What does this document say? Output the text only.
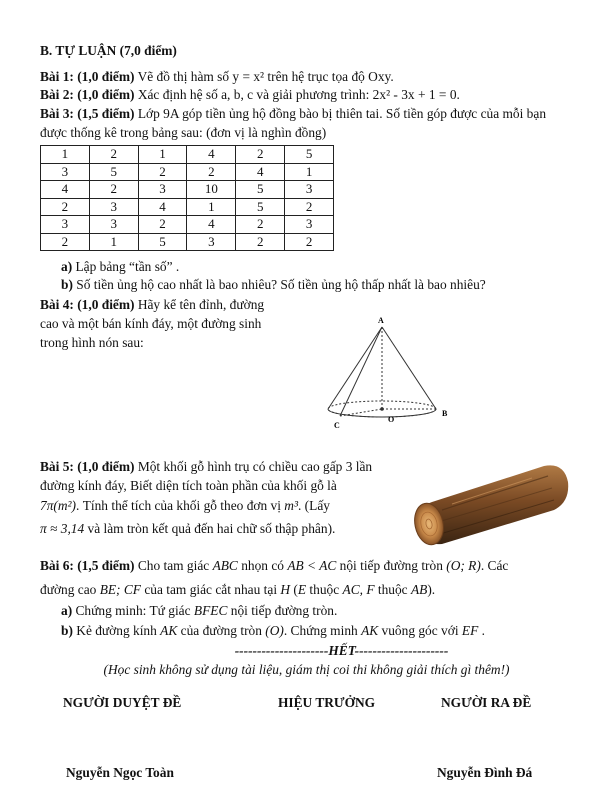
B. TỰ LUẬN (7,0 điểm)
Bài 1: (1,0 điểm) Vẽ đồ thị hàm số y = x² trên hệ trục tọa độ Oxy.
Bài 2: (1,0 điểm) Xác định hệ số a, b, c và giải phương trình: 2x² - 3x + 1 = 0.
Bài 3: (1,5 điểm) Lớp 9A góp tiền ủng hộ đồng bào bị thiên tai. Số tiền góp được của mỗi bạn
được thống kê trong bảng sau: (đơn vị là nghìn đồng)
1	2	1	4	2	5
3	5	2	2	4	1
4	2	3	10	5	3
2	3	4	1	5	2
3	3	2	4	2	3
2	1	5	3	2	2
a) Lập bảng “tần số” .
b) Số tiền ủng hộ cao nhất là bao nhiêu? Số tiền ủng hộ thấp nhất là bao nhiêu?
Bài 4: (1,0 điểm) Hãy kể tên đỉnh, đường
cao và một bán kính đáy, một đường sinh
trong hình nón sau:
A
C
O
B
Bài 5: (1,0 điểm) Một khối gỗ hình trụ có chiều cao gấp 3 lần
đường kính đáy, Biết diện tích toàn phần của khối gỗ là
7π(m²). Tính thể tích của khối gỗ theo đơn vị m³. (Lấy
π ≈ 3,14 và làm tròn kết quả đến hai chữ số thập phân).
Bài 6: (1,5 điểm) Cho tam giác ABC nhọn có AB < AC nội tiếp đường tròn (O; R). Các
đường cao BE; CF của tam giác cắt nhau tại H (E thuộc AC, F thuộc AB).
a) Chứng minh: Tứ giác BFEC nội tiếp đường tròn.
b) Kẻ đường kính AK của đường tròn (O). Chứng minh AK vuông góc với EF .
---------------------HẾT---------------------
(Học sinh không sử dụng tài liệu, giám thị coi thi không giải thích gì thêm!)
NGƯỜI DUYỆT ĐỀ	HIỆU TRƯỞNG	NGƯỜI RA ĐỀ
Nguyễn Ngọc Toàn	Nguyễn Đình Đá
